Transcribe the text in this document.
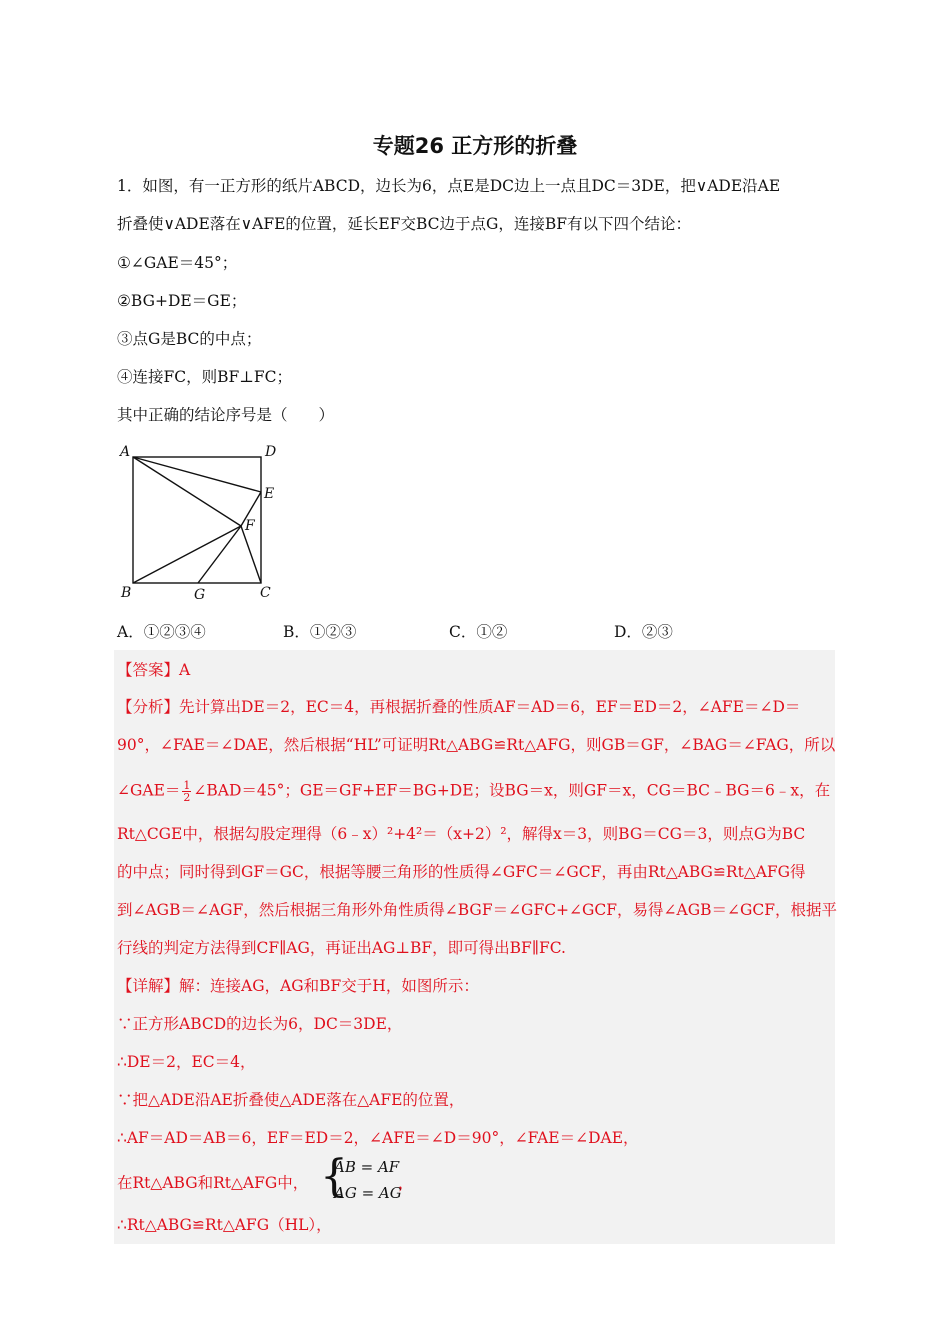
专题26 正方形的折叠
1．如图，有一正方形的纸片ABCD，边长为6，点E是DC边上一点且DC＝3DE，把∨ADE沿AE
折叠使∨ADE落在∨AFE的位置，延长EF交BC边于点G，连接BF有以下四个结论：
①∠GAE＝45°；
②BG+DE＝GE；
③点G是BC的中点；
④连接FC，则BF⊥FC；
其中正确的结论序号是（　　）
A	D
E
F
B	G	C
A．①②③④	B．①②③	C．①②	D．②③
【答案】A
【分析】先计算出DE＝2，EC＝4，再根据折叠的性质AF＝AD＝6，EF＝ED＝2，∠AFE＝∠D＝
90°，∠FAE＝∠DAE，然后根据“HL”可证明Rt△ABG≌Rt△AFG，则GB＝GF，∠BAG＝∠FAG，所以
∠GAE＝ $\frac{1}{2}$ ∠BAD＝45°；GE＝GF+EF＝BG+DE；设BG＝x，则GF＝x，CG＝BC﹣BG＝6﹣x，在
Rt△CGE中，根据勾股定理得（6﹣x）²+4²＝（x+2）²，解得x＝3，则BG＝CG＝3，则点G为BC
的中点；同时得到GF＝GC，根据等腰三角形的性质得∠GFC＝∠GCF，再由Rt△ABG≌Rt△AFG得
到∠AGB＝∠AGF，然后根据三角形外角性质得∠BGF＝∠GFC+∠GCF，易得∠AGB＝∠GCF，根据平
行线的判定方法得到CF∥AG，再证出AG⊥BF，即可得出BF∥FC.
【详解】解：连接AG，AG和BF交于H，如图所示：
∵正方形ABCD的边长为6，DC＝3DE，
∴DE＝2，EC＝4，
∵把△ADE沿AE折叠使△ADE落在△AFE的位置，
∴AF＝AD＝AB＝6，EF＝ED＝2，∠AFE＝∠D＝90°，∠FAE＝∠DAE，
在Rt△ABG和Rt△AFG中， {
AB = AF
AG = AG
，
∴Rt△ABG≌Rt△AFG（HL），
